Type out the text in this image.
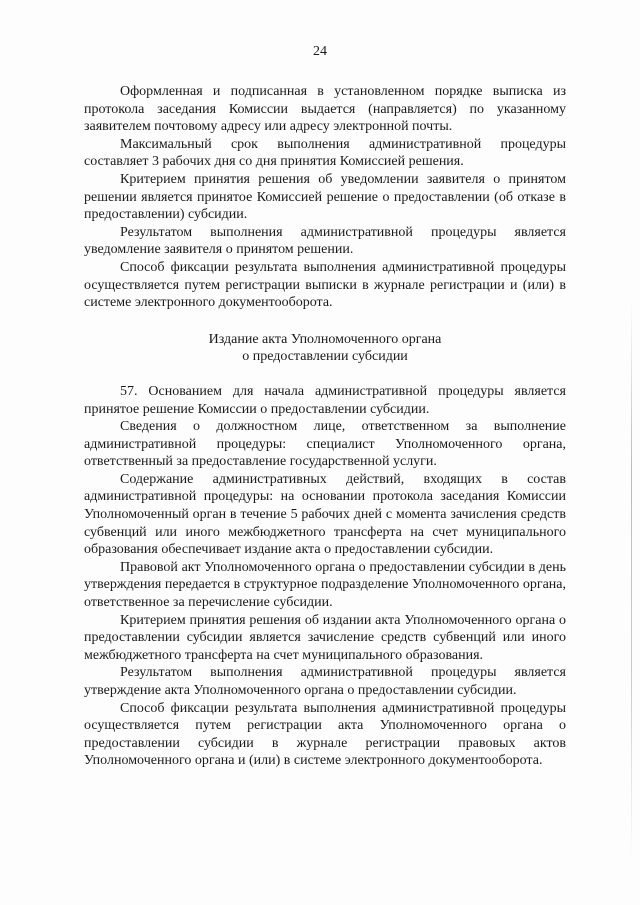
24

Оформленная и подписанная в установленном порядке выписка из протокола заседания Комиссии выдается (направляется) по указанному заявителем почтовому адресу или адресу электронной почты.

Максимальный срок выполнения административной процедуры составляет 3 рабочих дня со дня принятия Комиссией решения.

Критерием принятия решения об уведомлении заявителя о принятом решении является принятое Комиссией решение о предоставлении (об отказе в предоставлении) субсидии.

Результатом выполнения административной процедуры является уведомление заявителя о принятом решении.

Способ фиксации результата выполнения административной процедуры осуществляется путем регистрации выписки в журнале регистрации и (или) в системе электронного документооборота.

Издание акта Уполномоченного органа
о предоставлении субсидии

57. Основанием для начала административной процедуры является принятое решение Комиссии о предоставлении субсидии.

Сведения о должностном лице, ответственном за выполнение административной процедуры: специалист Уполномоченного органа, ответственный за предоставление государственной услуги.

Содержание административных действий, входящих в состав административной процедуры: на основании протокола заседания Комиссии Уполномоченный орган в течение 5 рабочих дней с момента зачисления средств субвенций или иного межбюджетного трансферта на счет муниципального образования обеспечивает издание акта о предоставлении субсидии.

Правовой акт Уполномоченного органа о предоставлении субсидии в день утверждения передается в структурное подразделение Уполномоченного органа, ответственное за перечисление субсидии.

Критерием принятия решения об издании акта Уполномоченного органа о предоставлении субсидии является зачисление средств субвенций или иного межбюджетного трансферта на счет муниципального образования.

Результатом выполнения административной процедуры является утверждение акта Уполномоченного органа о предоставлении субсидии.

Способ фиксации результата выполнения административной процедуры осуществляется путем регистрации акта Уполномоченного органа о предоставлении субсидии в журнале регистрации правовых актов Уполномоченного органа и (или) в системе электронного документооборота.
